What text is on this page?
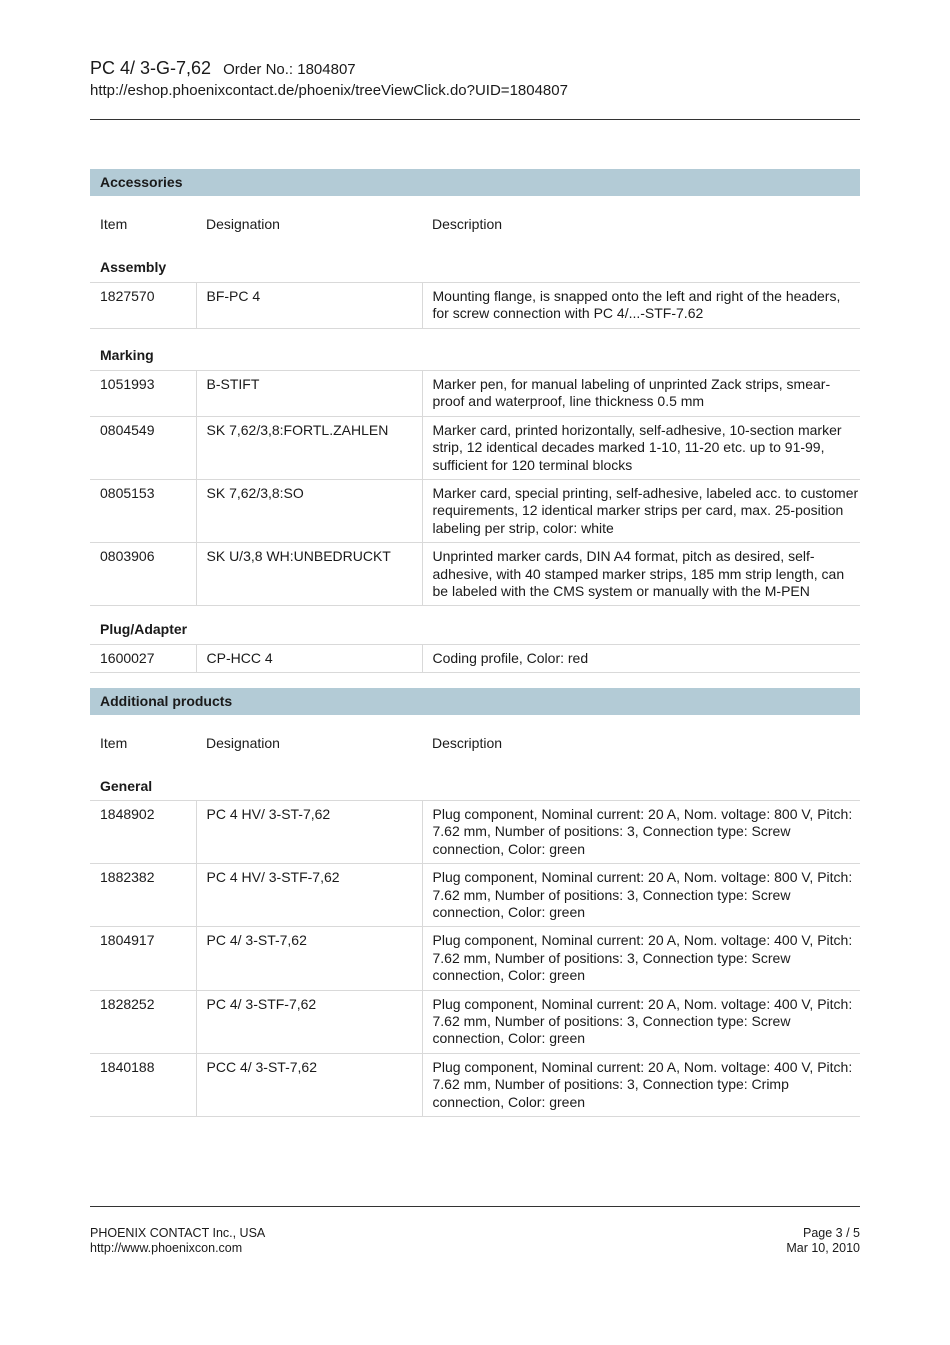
PC 4/ 3-G-7,62 Order No.: 1804807
http://eshop.phoenixcontact.de/phoenix/treeViewClick.do?UID=1804807
Accessories
Item	Designation	Description
Assembly
1827570	BF-PC 4	Mounting flange, is snapped onto the left and right of the headers, for screw connection with PC 4/...-STF-7.62
Marking
1051993	B-STIFT	Marker pen, for manual labeling of unprinted Zack strips, smear-proof and waterproof, line thickness 0.5 mm
0804549	SK 7,62/3,8:FORTL.ZAHLEN	Marker card, printed horizontally, self-adhesive, 10-section marker strip, 12 identical decades marked 1-10, 11-20 etc. up to 91-99, sufficient for 120 terminal blocks
0805153	SK 7,62/3,8:SO	Marker card, special printing, self-adhesive, labeled acc. to customer requirements, 12 identical marker strips per card, max. 25-position labeling per strip, color: white
0803906	SK U/3,8 WH:UNBEDRUCKT	Unprinted marker cards, DIN A4 format, pitch as desired, self-adhesive, with 40 stamped marker strips, 185 mm strip length, can be labeled with the CMS system or manually with the M-PEN
Plug/Adapter
1600027	CP-HCC 4	Coding profile, Color: red
Additional products
Item	Designation	Description
General
1848902	PC 4 HV/ 3-ST-7,62	Plug component, Nominal current: 20 A, Nom. voltage: 800 V, Pitch: 7.62 mm, Number of positions: 3, Connection type: Screw connection, Color: green
1882382	PC 4 HV/ 3-STF-7,62	Plug component, Nominal current: 20 A, Nom. voltage: 800 V, Pitch: 7.62 mm, Number of positions: 3, Connection type: Screw connection, Color: green
1804917	PC 4/ 3-ST-7,62	Plug component, Nominal current: 20 A, Nom. voltage: 400 V, Pitch: 7.62 mm, Number of positions: 3, Connection type: Screw connection, Color: green
1828252	PC 4/ 3-STF-7,62	Plug component, Nominal current: 20 A, Nom. voltage: 400 V, Pitch: 7.62 mm, Number of positions: 3, Connection type: Screw connection, Color: green
1840188	PCC 4/ 3-ST-7,62	Plug component, Nominal current: 20 A, Nom. voltage: 400 V, Pitch: 7.62 mm, Number of positions: 3, Connection type: Crimp connection, Color: green
PHOENIX CONTACT Inc., USA
http://www.phoenixcon.com
Page 3 / 5
Mar 10, 2010
